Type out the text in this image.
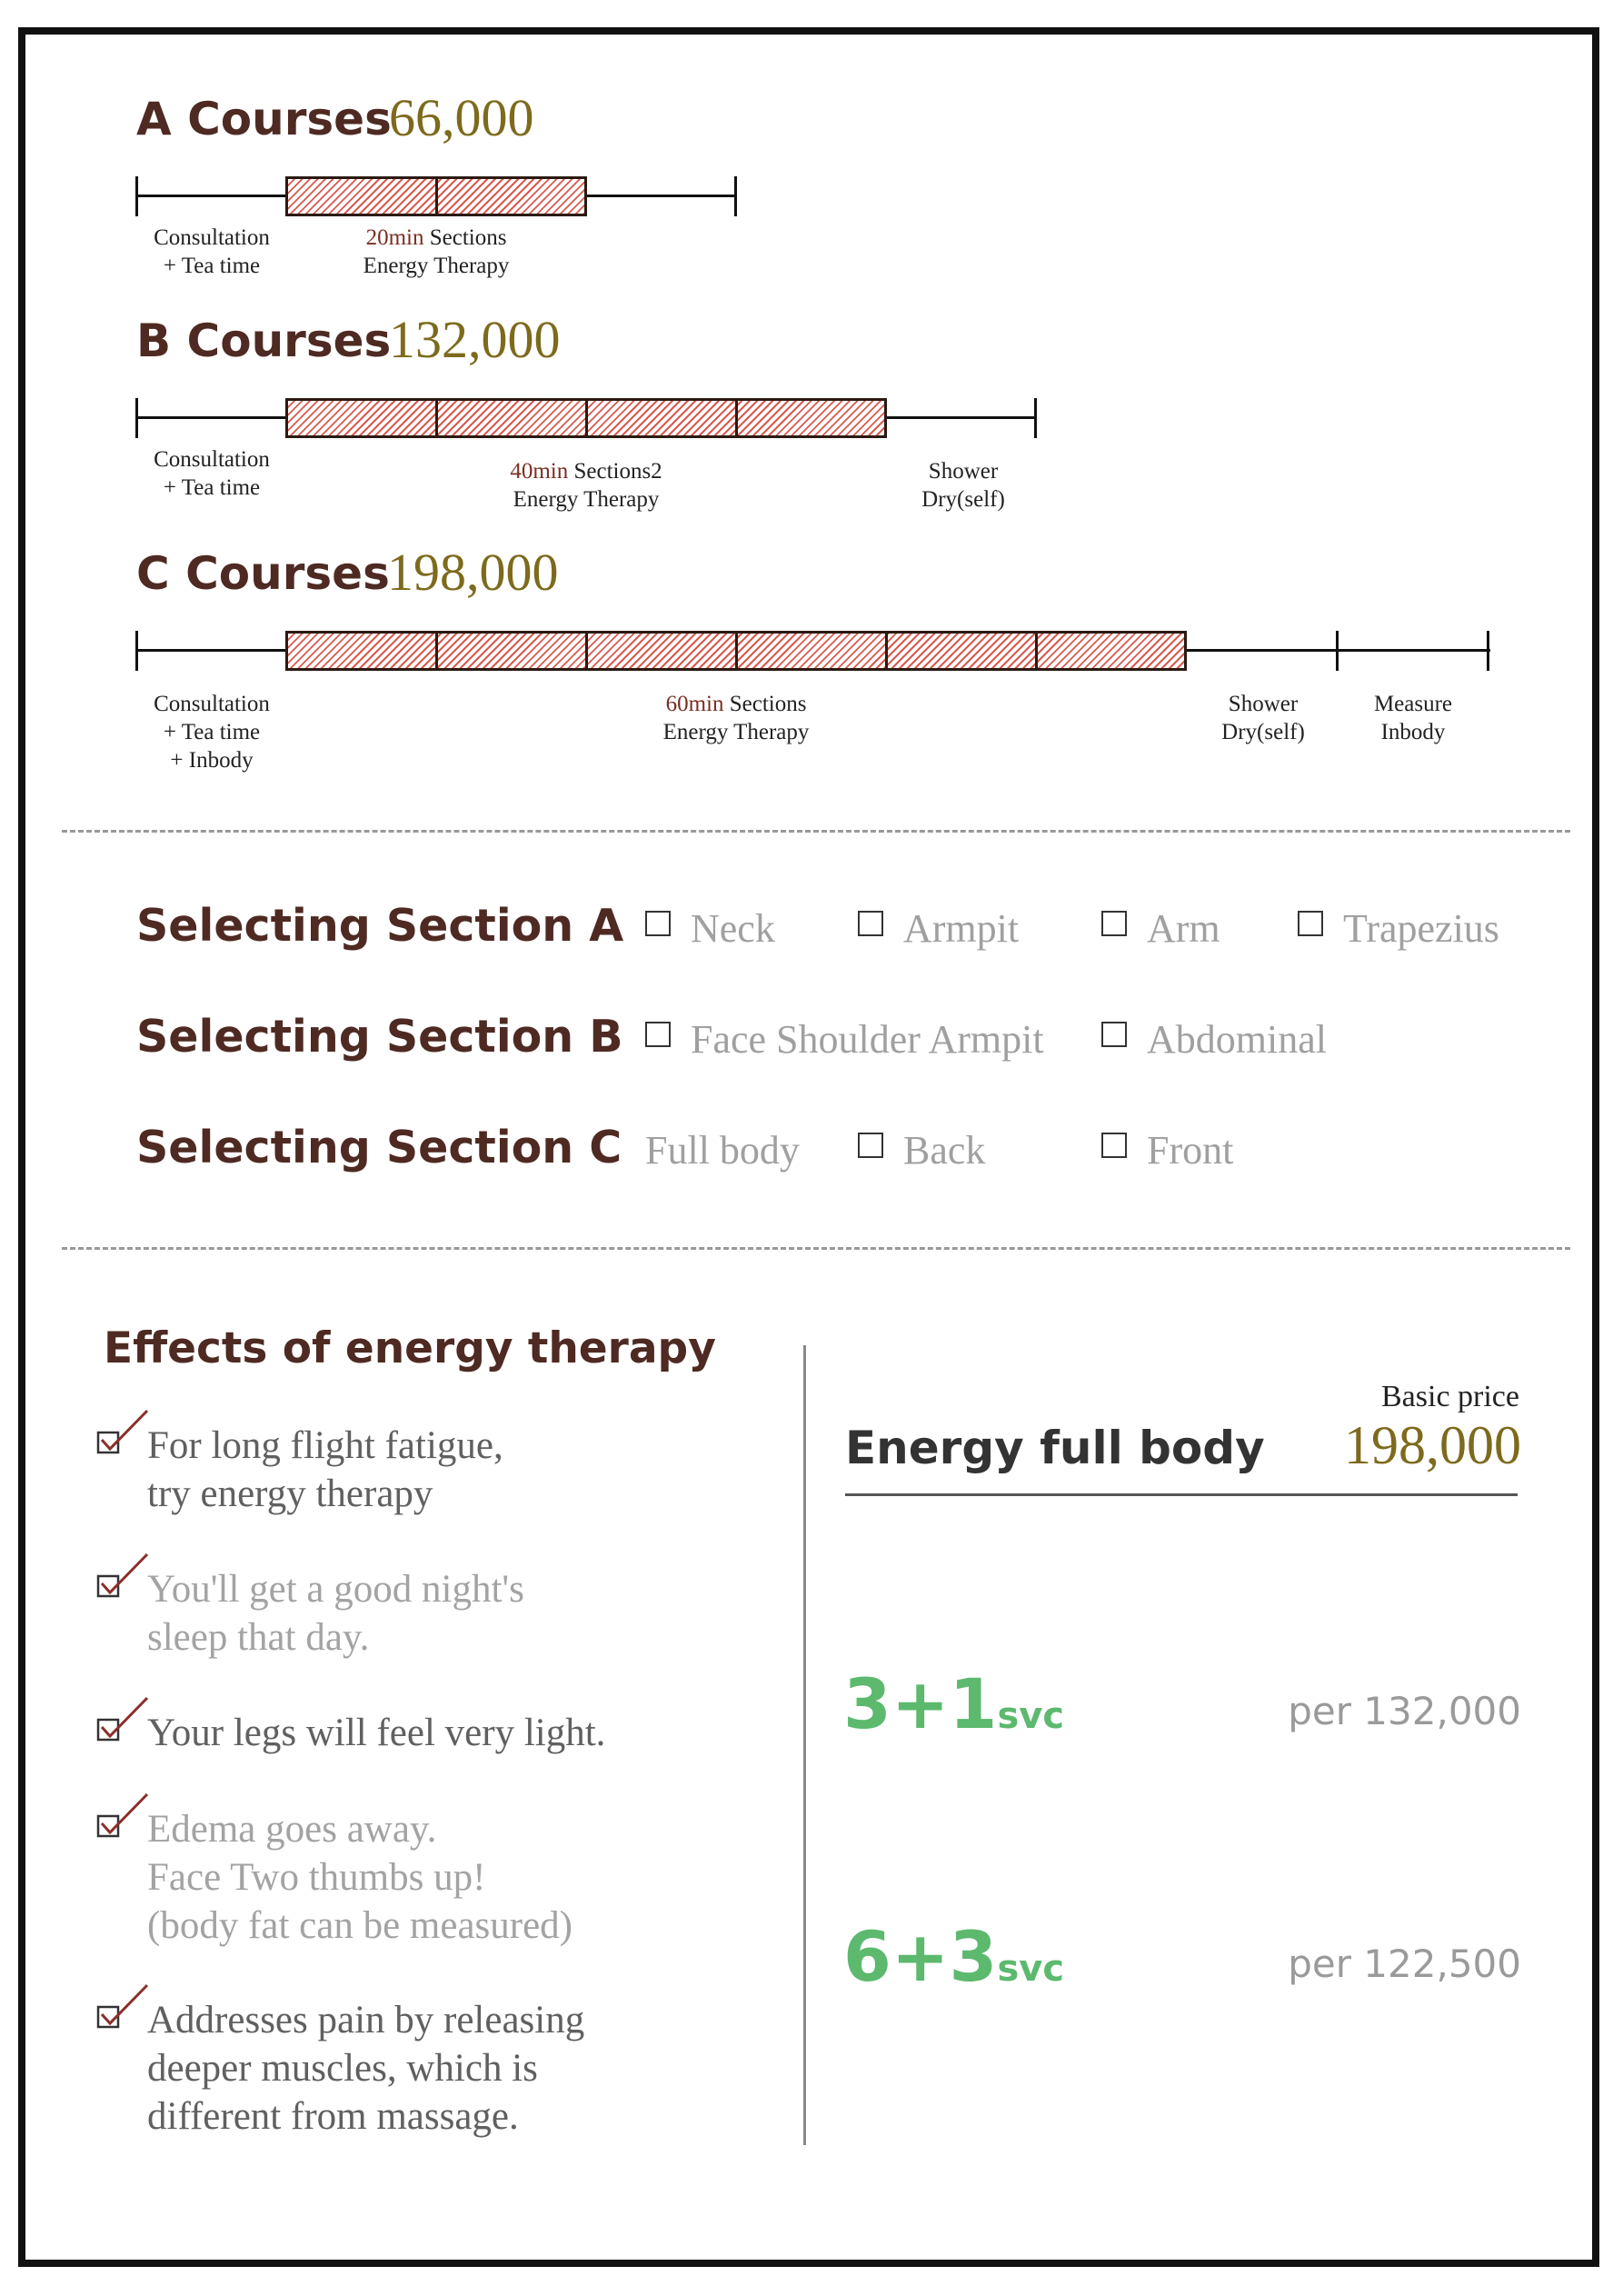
A Courses
66,000
Consultation
+ Tea time
20min Sections
Energy Therapy
B Courses
132,000
Consultation
+ Tea time
40min Sections2
Energy Therapy
Shower
Dry(self)
C Courses
198,000
Consultation
+ Tea time
+ Inbody
60min Sections
Energy Therapy
Shower
Dry(self)
Measure
Inbody
Selecting Section A	Neck	Armpit	Arm	Trapezius
Selecting Section B	Face Shoulder Armpit	Abdominal
Selecting Section C Full body	Back	Front
Effects of energy therapy
For long flight fatigue,
try energy therapy
You'll get a good night's
sleep that day.
Your legs will feel very light.
Edema goes away.
Face Two thumbs up!
(body fat can be measured)
Addresses pain by releasing
deeper muscles, which is
different from massage.
Basic price
Energy full body	198,000
3+1svc	per 132,000
6+3svc	per 122,500
